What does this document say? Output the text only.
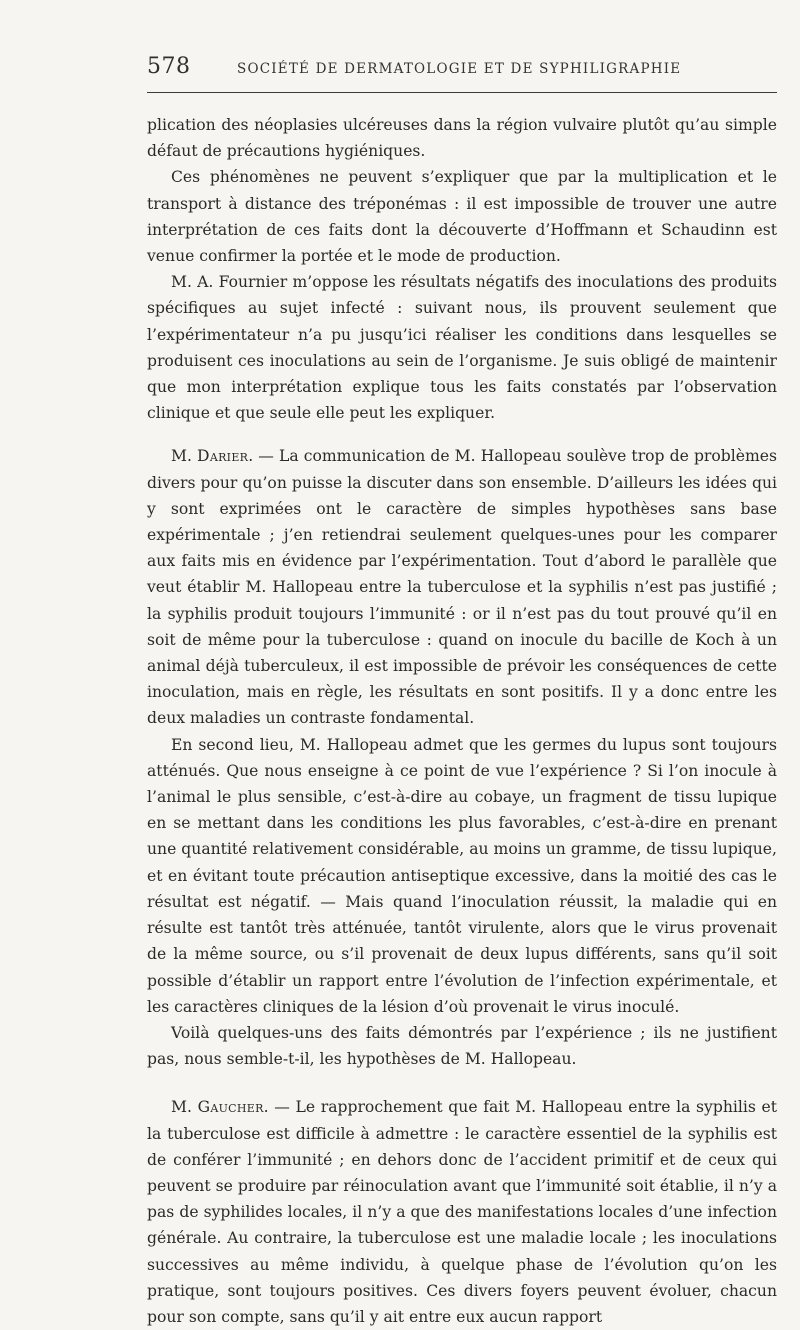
578	SOCIÉTÉ DE DERMATOLOGIE ET DE SYPHILIGRAPHIE

plication des néoplasies ulcéreuses dans la région vulvaire plutôt qu’au simple défaut de précautions hygiéniques.

Ces phénomènes ne peuvent s’expliquer que par la multiplication et le transport à distance des tréponémas : il est impossible de trouver une autre interprétation de ces faits dont la découverte d’Hoffmann et Schaudinn est venue confirmer la portée et le mode de production.

M. A. Fournier m’oppose les résultats négatifs des inoculations des produits spécifiques au sujet infecté : suivant nous, ils prouvent seulement que l’expérimentateur n’a pu jusqu’ici réaliser les conditions dans lesquelles se produisent ces inoculations au sein de l’organisme. Je suis obligé de maintenir que mon interprétation explique tous les faits constatés par l’observation clinique et que seule elle peut les expliquer.

M. Darier. — La communication de M. Hallopeau soulève trop de problèmes divers pour qu’on puisse la discuter dans son ensemble. D’ailleurs les idées qui y sont exprimées ont le caractère de simples hypothèses sans base expérimentale ; j’en retiendrai seulement quelques-unes pour les comparer aux faits mis en évidence par l’expérimentation. Tout d’abord le parallèle que veut établir M. Hallopeau entre la tuberculose et la syphilis n’est pas justifié ; la syphilis produit toujours l’immunité : or il n’est pas du tout prouvé qu’il en soit de même pour la tuberculose : quand on inocule du bacille de Koch à un animal déjà tuberculeux, il est impossible de prévoir les conséquences de cette inoculation, mais en règle, les résultats en sont positifs. Il y a donc entre les deux maladies un contraste fondamental.

En second lieu, M. Hallopeau admet que les germes du lupus sont toujours atténués. Que nous enseigne à ce point de vue l’expérience ? Si l’on inocule à l’animal le plus sensible, c’est-à-dire au cobaye, un fragment de tissu lupique en se mettant dans les conditions les plus favorables, c’est-à-dire en prenant une quantité relativement considérable, au moins un gramme, de tissu lupique, et en évitant toute précaution antiseptique excessive, dans la moitié des cas le résultat est négatif. — Mais quand l’inoculation réussit, la maladie qui en résulte est tantôt très atténuée, tantôt virulente, alors que le virus provenait de la même source, ou s’il provenait de deux lupus différents, sans qu’il soit possible d’établir un rapport entre l’évolution de l’infection expérimentale, et les caractères cliniques de la lésion d’où provenait le virus inoculé.

Voilà quelques-uns des faits démontrés par l’expérience ; ils ne justifient pas, nous semble-t-il, les hypothèses de M. Hallopeau.

M. Gaucher. — Le rapprochement que fait M. Hallopeau entre la syphilis et la tuberculose est difficile à admettre : le caractère essentiel de la syphilis est de conférer l’immunité ; en dehors donc de l’accident primitif et de ceux qui peuvent se produire par réinoculation avant que l’immunité soit établie, il n’y a pas de syphilides locales, il n’y a que des manifestations locales d’une infection générale. Au contraire, la tuberculose est une maladie locale ; les inoculations successives au même individu, à quelque phase de l’évolution qu’on les pratique, sont toujours positives. Ces divers foyers peuvent évoluer, chacun pour son compte, sans qu’il y ait entre eux aucun rapport
